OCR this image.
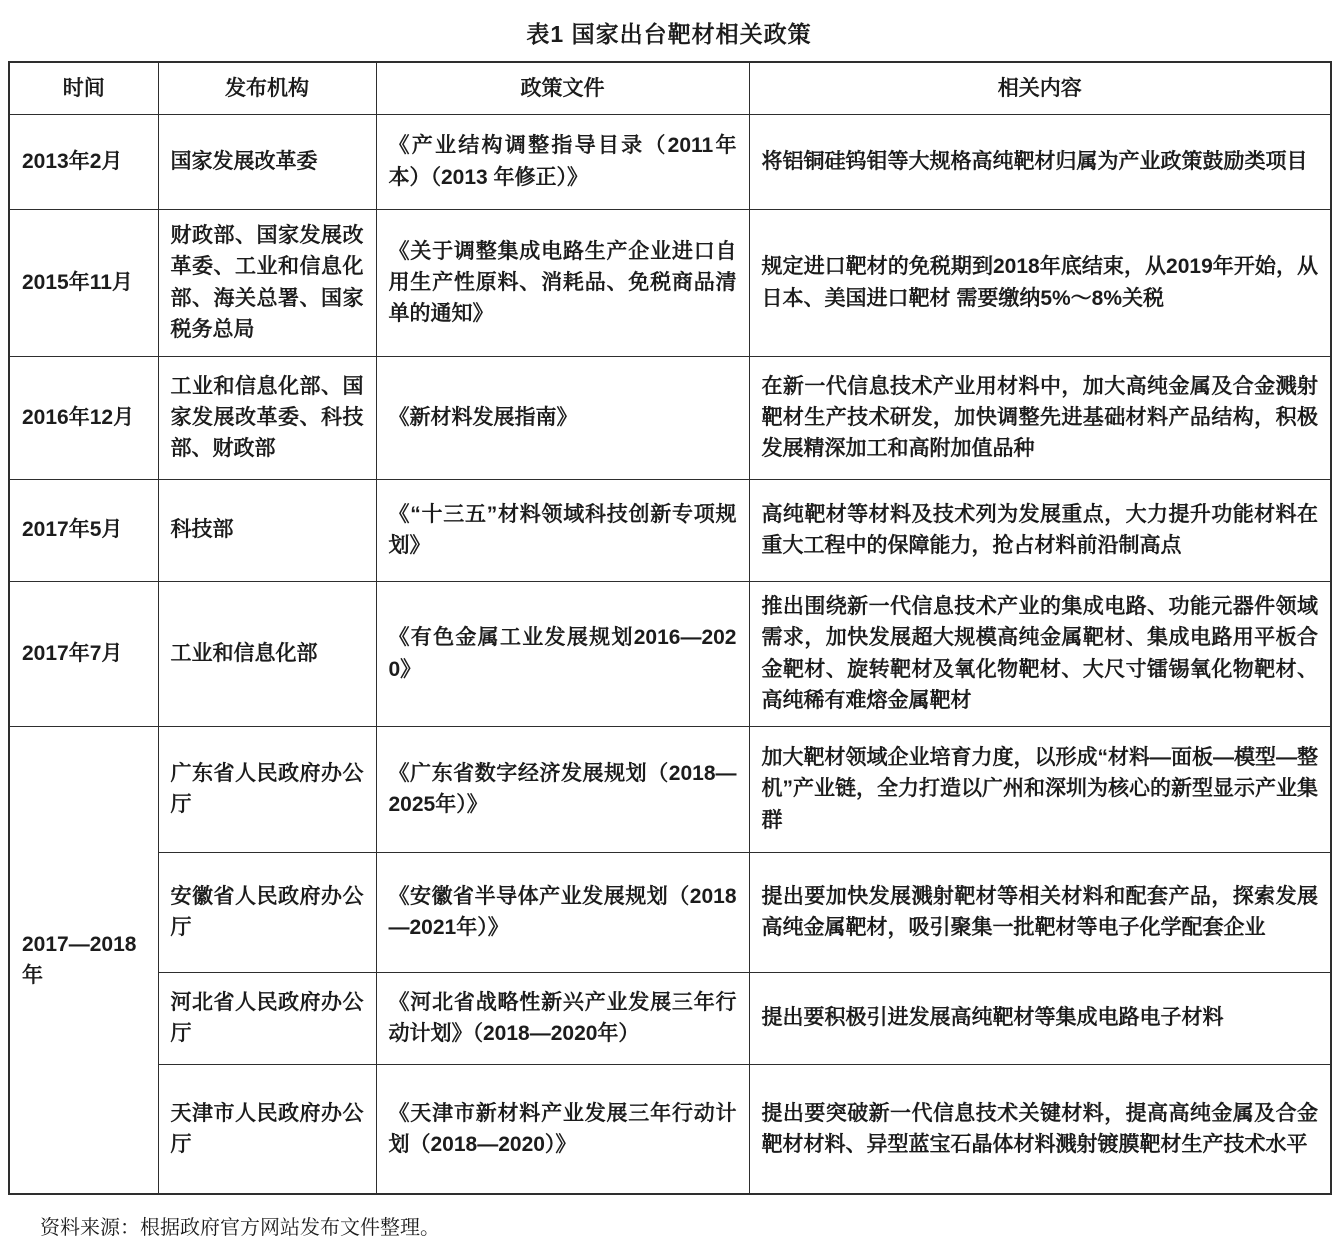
表1 国家出台靶材相关政策
时间	发布机构	政策文件	相关内容
2013年2月	国家发展改革委	《产业结构调整指导目录（2011年本）（2013 年修正）》	将铝铜硅钨钼等大规格高纯靶材归属为产业政策鼓励类项目
2015年11月	财政部、国家发展改革委、工业和信息化部、海关总署、国家税务总局	《关于调整集成电路生产企业进口自用生产性原料、消耗品、免税商品清单的通知》	规定进口靶材的免税期到2018年底结束，从2019年开始，从日本、美国进口靶材 需要缴纳5%～8%关税
2016年12月	工业和信息化部、国家发展改革委、科技部、财政部	《新材料发展指南》	在新一代信息技术产业用材料中，加大高纯金属及合金溅射靶材生产技术研发，加快调整先进基础材料产品结构，积极发展精深加工和高附加值品种
2017年5月	科技部	《“十三五”材料领域科技创新专项规划》	高纯靶材等材料及技术列为发展重点，大力提升功能材料在重大工程中的保障能力，抢占材料前沿制高点
2017年7月	工业和信息化部	《有色金属工业发展规划2016—2020》	推出围绕新一代信息技术产业的集成电路、功能元器件领域需求，加快发展超大规模高纯金属靶材、集成电路用平板合金靶材、旋转靶材及氧化物靶材、大尺寸镭锡氧化物靶材、高纯稀有难熔金属靶材
2017—2018年	广东省人民政府办公厅	《广东省数字经济发展规划（2018—2025年）》	加大靶材领域企业培育力度，以形成“材料—面板—模型—整机”产业链，全力打造以广州和深圳为核心的新型显示产业集群
	安徽省人民政府办公厅	《安徽省半导体产业发展规划（2018—2021年）》	提出要加快发展溅射靶材等相关材料和配套产品，探索发展高纯金属靶材，吸引聚集一批靶材等电子化学配套企业
	河北省人民政府办公厅	《河北省战略性新兴产业发展三年行动计划》（2018—2020年）	提出要积极引进发展高纯靶材等集成电路电子材料
	天津市人民政府办公厅	《天津市新材料产业发展三年行动计划（2018—2020）》	提出要突破新一代信息技术关键材料，提高高纯金属及合金靶材材料、异型蓝宝石晶体材料溅射镀膜靶材生产技术水平
资料来源：根据政府官方网站发布文件整理。
